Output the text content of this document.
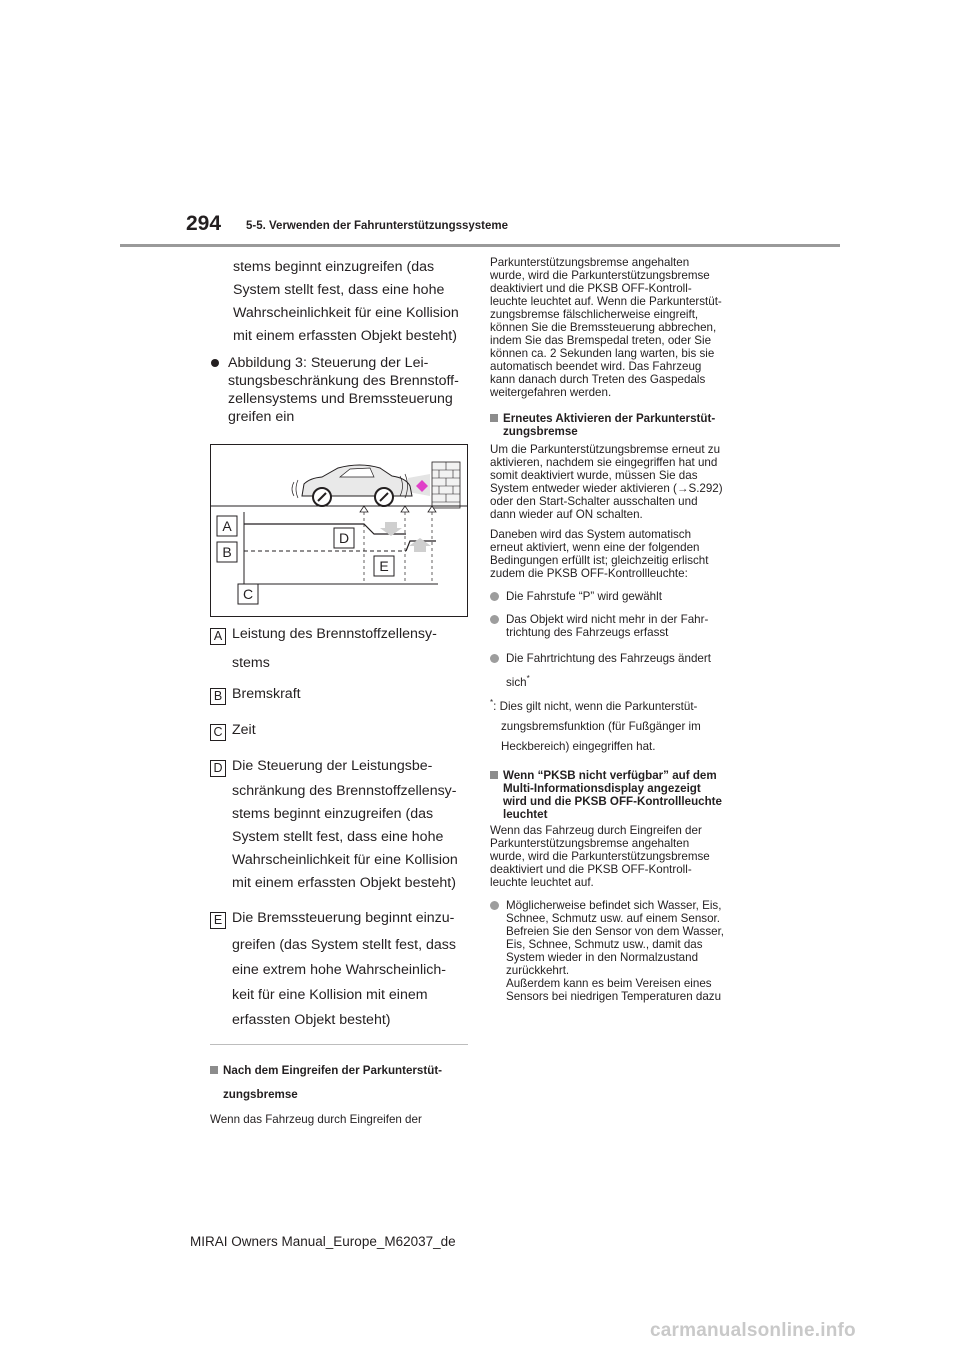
294 5-5. Verwenden der Fahrunterstützungssysteme

stems beginnt einzugreifen (das

System stellt fest, dass eine hohe

Wahrscheinlichkeit für eine Kollision

mit einem erfassten Objekt besteht)

Abbildung 3: Steuerung der Lei-

stungsbeschränkung des Brennstoff-

zellensystems und Bremssteuerung

greifen ein

A
B
C
D
E
A Leistung des Brennstoffzellensy-
stems
B Bremskraft
C Zeit
D Die Steuerung der Leistungsbe-
schränkung des Brennstoffzellensy-
stems beginnt einzugreifen (das
System stellt fest, dass eine hohe
Wahrscheinlichkeit für eine Kollision
mit einem erfassten Objekt besteht)
E Die Bremssteuerung beginnt einzu-
greifen (das System stellt fest, dass
eine extrem hohe Wahrscheinlich-
keit für eine Kollision mit einem
erfassten Objekt besteht)

Nach dem Eingreifen der Parkunterstüt-

zungsbremse

Wenn das Fahrzeug durch Eingreifen der

Parkunterstützungsbremse angehalten

wurde, wird die Parkunterstützungsbremse

deaktiviert und die PKSB OFF-Kontroll-

leuchte leuchtet auf. Wenn die Parkunterstüt-

zungsbremse fälschlicherweise eingreift,

können Sie die Bremssteuerung abbrechen,

indem Sie das Bremspedal treten, oder Sie

können ca. 2 Sekunden lang warten, bis sie

automatisch beendet wird. Das Fahrzeug

kann danach durch Treten des Gaspedals

weitergefahren werden.

Erneutes Aktivieren der Parkunterstüt-

zungsbremse

Um die Parkunterstützungsbremse erneut zu

aktivieren, nachdem sie eingegriffen hat und

somit deaktiviert wurde, müssen Sie das

System entweder wieder aktivieren (→S.292)

oder den Start-Schalter ausschalten und

dann wieder auf ON schalten.

Daneben wird das System automatisch

erneut aktiviert, wenn eine der folgenden

Bedingungen erfüllt ist; gleichzeitig erlischt

zudem die PKSB OFF-Kontrollleuchte:

Die Fahrstufe “P” wird gewählt

Das Objekt wird nicht mehr in der Fahr-

trichtung des Fahrzeugs erfasst

Die Fahrtrichtung des Fahrzeugs ändert

sich*

*: Dies gilt nicht, wenn die Parkunterstüt-

zungsbremsfunktion (für Fußgänger im

Heckbereich) eingegriffen hat.

Wenn “PKSB nicht verfügbar” auf dem

Multi-Informationsdisplay angezeigt

wird und die PKSB OFF-Kontrollleuchte

leuchtet

Wenn das Fahrzeug durch Eingreifen der

Parkunterstützungsbremse angehalten

wurde, wird die Parkunterstützungsbremse

deaktiviert und die PKSB OFF-Kontroll-

leuchte leuchtet auf.

Möglicherweise befindet sich Wasser, Eis,

Schnee, Schmutz usw. auf einem Sensor.

Befreien Sie den Sensor von dem Wasser,

Eis, Schnee, Schmutz usw., damit das

System wieder in den Normalzustand

zurückkehrt.

Außerdem kann es beim Vereisen eines

Sensors bei niedrigen Temperaturen dazu

MIRAI Owners Manual_Europe_M62037_de
carmanualsonline.info
